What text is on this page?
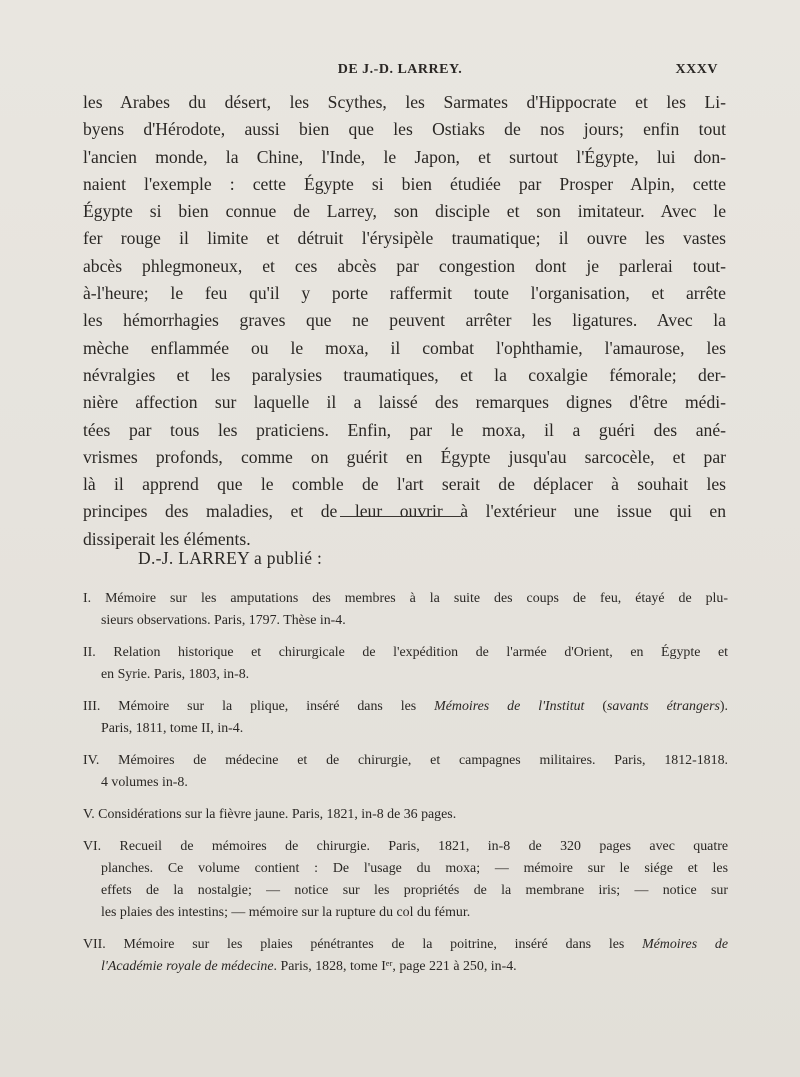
DE J.-D. LARREY.	XXXV
les Arabes du désert, les Scythes, les Sarmates d'Hippocrate et les Li-
byens d'Hérodote, aussi bien que les Ostiaks de nos jours; enfin tout
l'ancien monde, la Chine, l'Inde, le Japon, et surtout l'Égypte, lui don-
naient l'exemple : cette Égypte si bien étudiée par Prosper Alpin, cette
Égypte si bien connue de Larrey, son disciple et son imitateur. Avec le
fer rouge il limite et détruit l'érysipèle traumatique; il ouvre les vastes
abcès phlegmoneux, et ces abcès par congestion dont je parlerai tout-
à-l'heure; le feu qu'il y porte raffermit toute l'organisation, et arrête
les hémorrhagies graves que ne peuvent arrêter les ligatures. Avec la
mèche enflammée ou le moxa, il combat l'ophthamie, l'amaurose, les
névralgies et les paralysies traumatiques, et la coxalgie fémorale; der-
nière affection sur laquelle il a laissé des remarques dignes d'être médi-
tées par tous les praticiens. Enfin, par le moxa, il a guéri des ané-
vrismes profonds, comme on guérit en Égypte jusqu'au sarcocèle, et par
là il apprend que le comble de l'art serait de déplacer à souhait les
principes des maladies, et de leur ouvrir à l'extérieur une issue qui en
dissiperait les éléments.
D.-J. LARREY a publié :
I. Mémoire sur les amputations des membres à la suite des coups de feu, étayé de plu-
sieurs observations. Paris, 1797. Thèse in-4.
II. Relation historique et chirurgicale de l'expédition de l'armée d'Orient, en Égypte et
en Syrie. Paris, 1803, in-8.
III. Mémoire sur la plique, inséré dans les Mémoires de l'Institut (savants étrangers).
Paris, 1811, tome II, in-4.
IV. Mémoires de médecine et de chirurgie, et campagnes militaires. Paris, 1812-1818.
4 volumes in-8.
V. Considérations sur la fièvre jaune. Paris, 1821, in-8 de 36 pages.
VI. Recueil de mémoires de chirurgie. Paris, 1821, in-8 de 320 pages avec quatre
planches. Ce volume contient : De l'usage du moxa; — mémoire sur le siége et les
effets de la nostalgie; — notice sur les propriétés de la membrane iris; — notice sur
les plaies des intestins; — mémoire sur la rupture du col du fémur.
VII. Mémoire sur les plaies pénétrantes de la poitrine, inséré dans les Mémoires de
l'Académie royale de médecine. Paris, 1828, tome Iᵉʳ, page 221 à 250, in-4.
